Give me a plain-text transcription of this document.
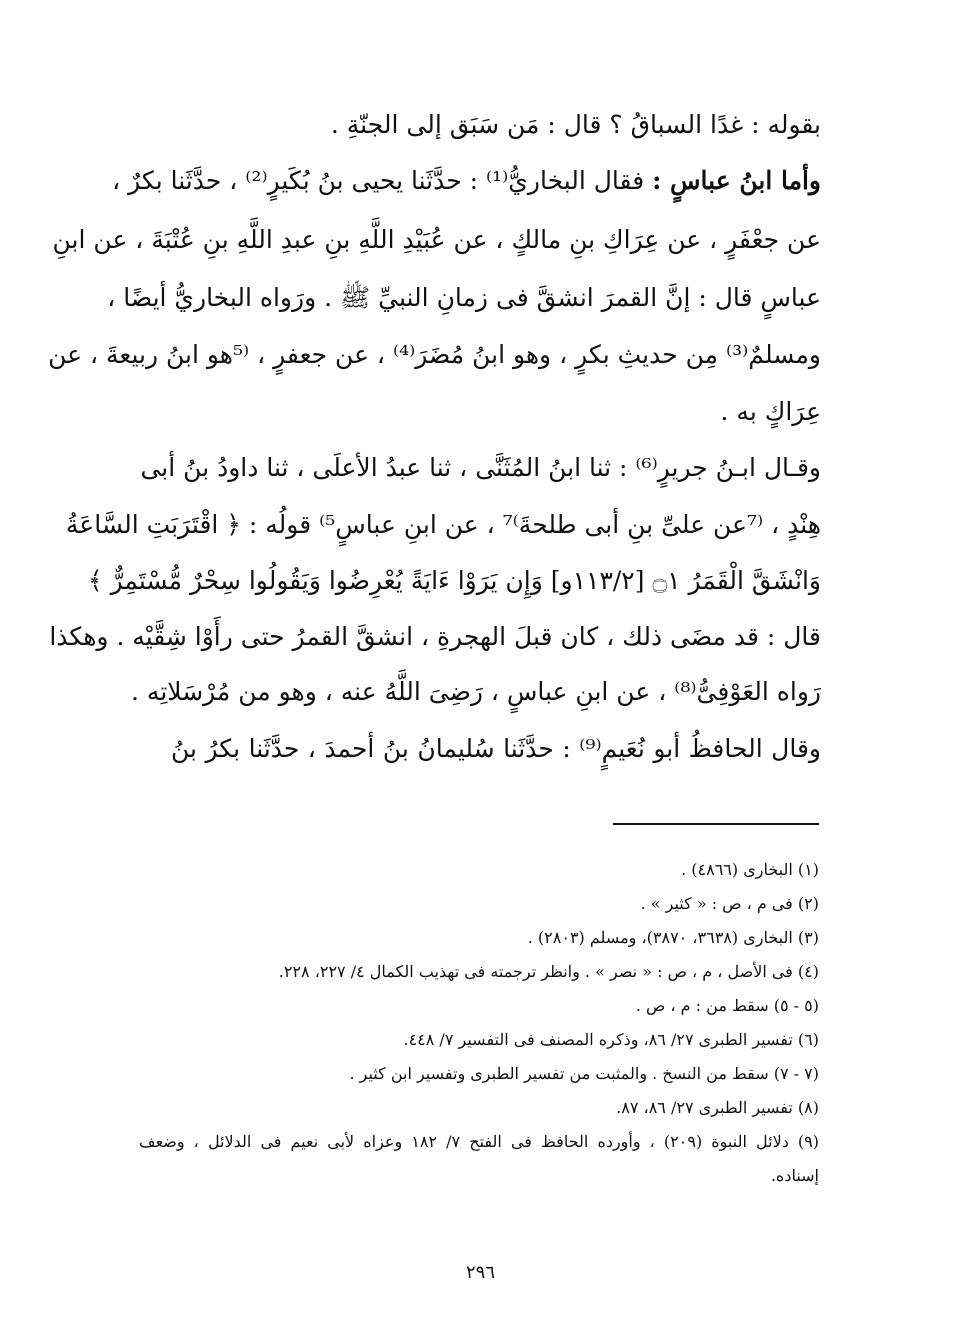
بقوله : غدًا السباقُ ؟ قال : مَن سَبَق إلى الجنّةِ .
وأما ابنُ عباسٍ : فقال البخاريُّ⁽¹⁾ : حدَّثَنا يحيى بنُ بُكَيرٍ⁽²⁾ ، حدَّثَنا بكرٌ ،
عن جعْفَرٍ ، عن عِرَاكِ بنِ مالكٍ ، عن عُبَيْدِ اللَّهِ بنِ عبدِ اللَّهِ بنِ عُتْبَةَ ، عن ابنِ
عباسٍ قال : إنَّ القمرَ انشقَّ فى زمانِ النبيِّ ﷺ . ورَواه البخاريُّ أيضًا ،
ومسلمٌ⁽³⁾ مِن حديثِ بكرٍ ، وهو ابنُ مُضَرَ⁽⁴⁾ ، عن جعفرٍ ، ⁽⁵هو ابنُ ربيعةَ ، عن
عِرَاكٍ به .
وقـال ابـنُ جريرٍ⁽⁶⁾ : ثنا ابنُ المُثَنَّى ، ثنا عبدُ الأعلَى ، ثنا داودُ بنُ أبى
هِنْدٍ ، ⁽⁷عن علىِّ بنِ أبى طلحةَ⁾⁷ ، عن ابنِ عباسٍ⁵⁾ قولُه : ﴿ اقْتَرَبَتِ السَّاعَةُ
وَانْشَقَّ الْقَمَرُ ۝١ [١١٣/٢و] وَإِن يَرَوْا ءَايَةً يُعْرِضُوا وَيَقُولُوا سِحْرٌ مُّسْتَمِرٌّ ﴾
قال : قد مضَى ذلك ، كان قبلَ الهجرةِ ، انشقَّ القمرُ حتى رأَوْا شِقَّيْه . وهكذا
رَواه العَوْفِىُّ⁽⁸⁾ ، عن ابنِ عباسٍ ، رَضِىَ اللَّهُ عنه ، وهو من مُرْسَلاتِه .
وقال الحافظُ أبو نُعَيمٍ⁽⁹⁾ : حدَّثَنا سُليمانُ بنُ أحمدَ ، حدَّثَنا بكرُ بنُ
(١) البخارى (٤٨٦٦) .
(٢) فى م ، ص : « كثير » .
(٣) البخارى (٣٦٣٨، ٣٨٧٠)، ومسلم (٢٨٠٣) .
(٤) فى الأصل ، م ، ص : « نصر » . وانظر ترجمته فى تهذيب الكمال ٤/ ٢٢٧، ٢٢٨.
(٥ - ٥) سقط من : م ، ص .
(٦) تفسير الطبرى ٢٧/ ٨٦، وذكره المصنف فى التفسير ٧/ ٤٤٨.
(٧ - ٧) سقط من النسخ . والمثبت من تفسير الطبرى وتفسير ابن كثير .
(٨) تفسير الطبرى ٢٧/ ٨٦، ٨٧.
(٩) دلائل النبوة (٢٠٩) ، وأورده الحافظ فى الفتح ٧/ ١٨٢ وعزاه لأبى نعيم فى الدلائل ، وضعف
إسناده.
٢٩٦
